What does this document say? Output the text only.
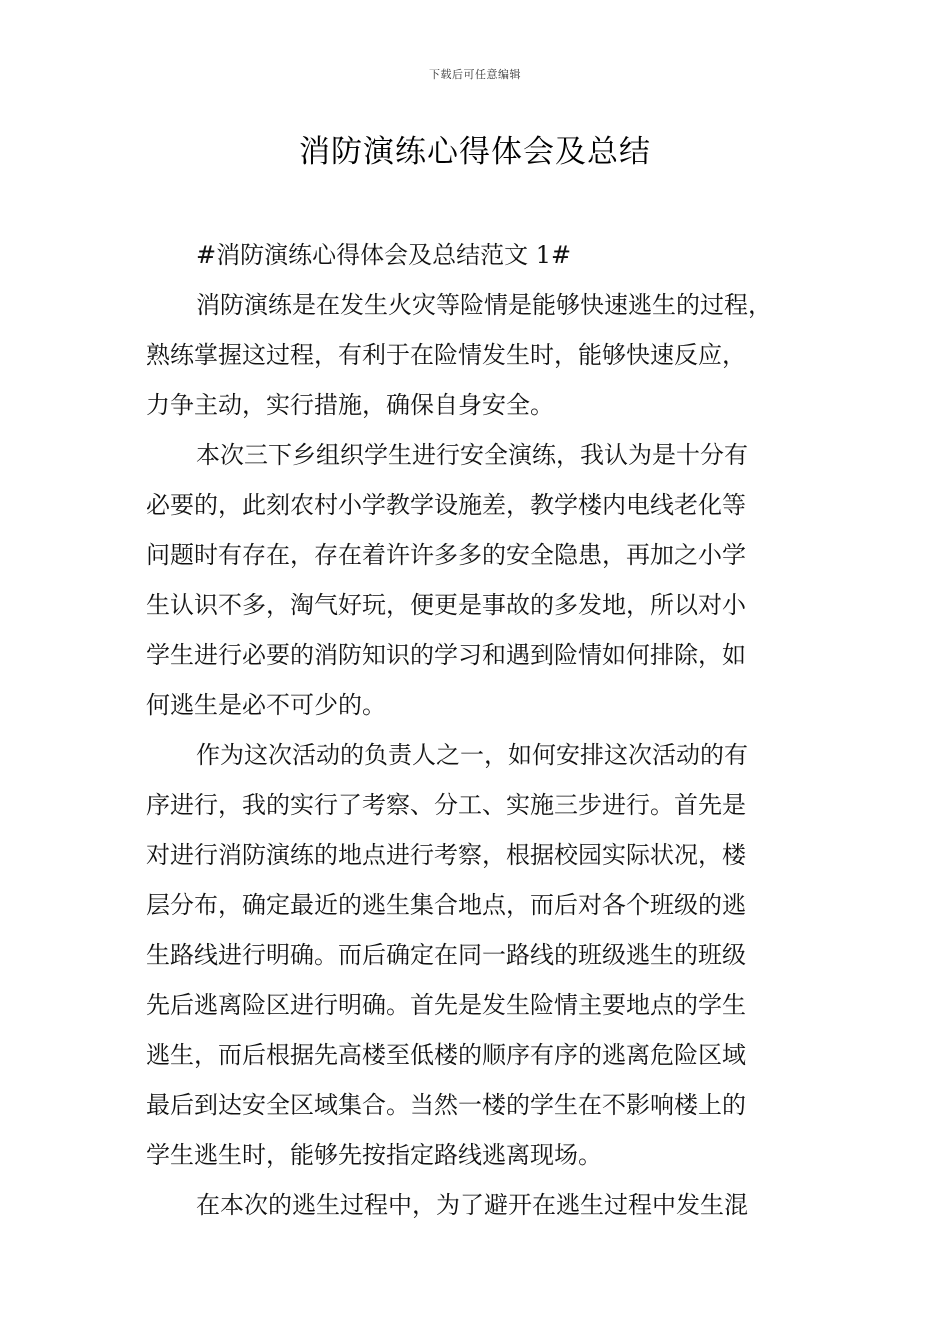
下载后可任意编辑
消防演练心得体会及总结

#消防演练心得体会及总结范文 1#

消防演练是在发生火灾等险情是能够快速逃生的过程，
熟练掌握这过程，有利于在险情发生时，能够快速反应，
力争主动，实行措施，确保自身安全。

本次三下乡组织学生进行安全演练，我认为是十分有
必要的，此刻农村小学教学设施差，教学楼内电线老化等
问题时有存在，存在着许许多多的安全隐患，再加之小学
生认识不多，淘气好玩，便更是事故的多发地，所以对小
学生进行必要的消防知识的学习和遇到险情如何排除，如
何逃生是必不可少的。

作为这次活动的负责人之一，如何安排这次活动的有
序进行，我的实行了考察、分工、实施三步进行。首先是
对进行消防演练的地点进行考察，根据校园实际状况，楼
层分布，确定最近的逃生集合地点，而后对各个班级的逃
生路线进行明确。而后确定在同一路线的班级逃生的班级
先后逃离险区进行明确。首先是发生险情主要地点的学生
逃生，而后根据先高楼至低楼的顺序有序的逃离危险区域
最后到达安全区域集合。当然一楼的学生在不影响楼上的
学生逃生时，能够先按指定路线逃离现场。

在本次的逃生过程中，为了避开在逃生过程中发生混
